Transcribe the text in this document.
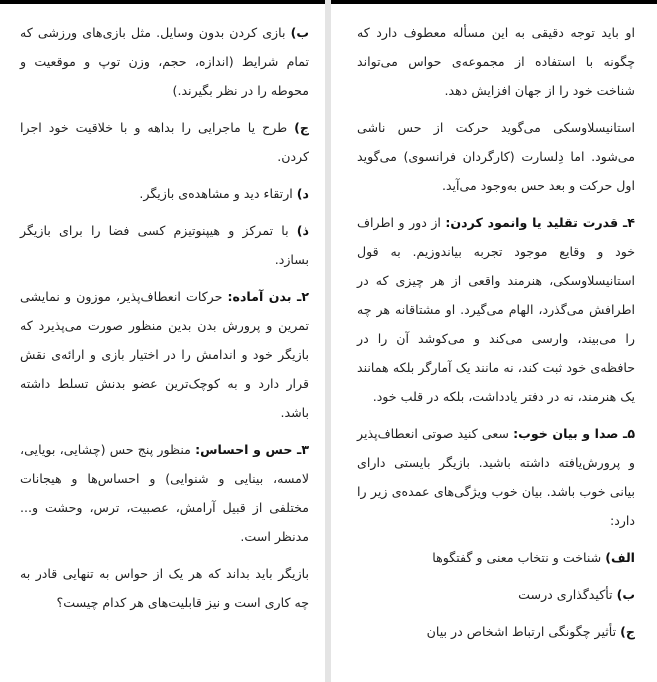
ب) بازی کردن بدون وسایل. مثل بازی‌های ورزشی که تمام شرایط (اندازه، حجم، وزن توپ و موقعیت و محوطه را در نظر بگیرند.)

ج) طرح یا ماجرایی را بداهه و با خلاقیت خود اجرا کردن.

د) ارتقاء دید و مشاهده‌ی بازیگر.

ذ) با تمرکز و هیپنوتیزم کسی فضا را برای بازیگر بسازد.

۲ـ بدن آماده: حرکات انعطاف‌پذیر، موزون و نمایشی تمرین و پرورش بدن بدین منظور صورت می‌پذیرد که بازیگر خود و اندامش را در اختیار بازی و ارائه‌ی نقش قرار دارد و به کوچک‌ترین عضو بدنش تسلط داشته باشد.

۳ـ حس و احساس: منظور پنج حس (چشایی، بویایی، لامسه، بینایی و شنوایی) و احساس‌ها و هیجانات مختلفی از قبیل آرامش، عصبیت، ترس، وحشت و... مدنظر است.

بازیگر باید بداند که هر یک از حواس به تنهایی قادر به چه کاری است و نیز قابلیت‌های هر کدام چیست؟

او باید توجه دقیقی به این مسأله معطوف دارد که چگونه با استفاده از مجموعه‌ی حواس می‌تواند شناخت خود را از جهان افزایش دهد.

استانیسلاوسکی می‌گوید حرکت از حس ناشی می‌شود. اما دِلسارت (کارگردان فرانسوی) می‌گوید اول حرکت و بعد حس به‌وجود می‌آید.

۴ـ قدرت تقلید یا وانمود کردن: از دور و اطراف خود و وقایع موجود تجربه بیاندوزیم. به قول استانیسلاوسکی، هنرمند واقعی از هر چیزی که در اطرافش می‌گذرد، الهام می‌گیرد. او مشتاقانه هر چه را می‌بیند، وارسی می‌کند و می‌کوشد آن را در حافظه‌ی خود ثبت کند، نه مانند یک آمارگر بلکه همانند یک هنرمند، نه در دفتر یادداشت، بلکه در قلب خود.

۵ـ صدا و بیان خوب: سعی کنید صوتی انعطاف‌پذیر و پرورش‌یافته داشته باشید. بازیگر بایستی دارای بیانی خوب باشد. بیان خوب ویژگی‌های عمده‌ی زیر را دارد:

الف) شناخت و نتخاب معنی و گفتگوها

ب) تأکیدگذاری درست

ج) تأثیر چگونگی ارتباط اشخاص در بیان
